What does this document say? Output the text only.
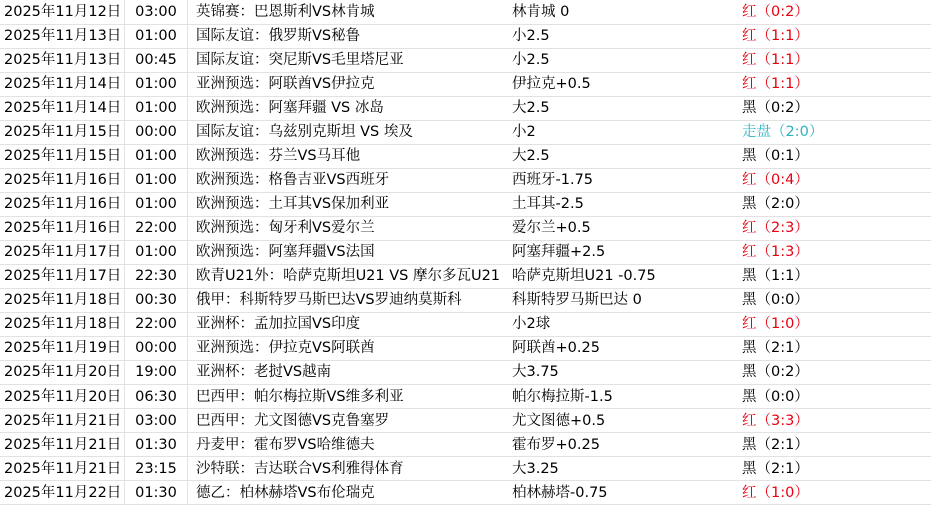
2025年11月12日	03:00	英锦赛：巴恩斯利VS林肯城	林肯城 0	红（0:2）
2025年11月13日	01:00	国际友谊：俄罗斯VS秘鲁	小2.5	红（1:1）
2025年11月13日	00:45	国际友谊：突尼斯VS毛里塔尼亚	小2.5	红（1:1）
2025年11月14日	01:00	亚洲预选：阿联酋VS伊拉克	伊拉克+0.5	红（1:1）
2025年11月14日	01:00	欧洲预选：阿塞拜疆 VS 冰岛	大2.5	黑（0:2）
2025年11月15日	00:00	国际友谊：乌兹别克斯坦 VS 埃及	小2	走盘（2:0）
2025年11月15日	01:00	欧洲预选：芬兰VS马耳他	大2.5	黑（0:1）
2025年11月16日	01:00	欧洲预选：格鲁吉亚VS西班牙	西班牙-1.75	红（0:4）
2025年11月16日	01:00	欧洲预选：土耳其VS保加利亚	土耳其-2.5	黑（2:0）
2025年11月16日	22:00	欧洲预选：匈牙利VS爱尔兰	爱尔兰+0.5	红（2:3）
2025年11月17日	01:00	欧洲预选：阿塞拜疆VS法国	阿塞拜疆+2.5	红（1:3）
2025年11月17日	22:30	欧青U21外：哈萨克斯坦U21 VS 摩尔多瓦U21	哈萨克斯坦U21 -0.75	黑（1:1）
2025年11月18日	00:30	俄甲：科斯特罗马斯巴达VS罗迪纳莫斯科	科斯特罗马斯巴达 0	黑（0:0）
2025年11月18日	22:00	亚洲杯：孟加拉国VS印度	小2球	红（1:0）
2025年11月19日	00:00	亚洲预选：伊拉克VS阿联酋	阿联酋+0.25	黑（2:1）
2025年11月20日	19:00	亚洲杯：老挝VS越南	大3.75	黑（0:2）
2025年11月20日	06:30	巴西甲：帕尔梅拉斯VS维多利亚	帕尔梅拉斯-1.5	黑（0:0）
2025年11月21日	03:00	巴西甲：尤文图德VS克鲁塞罗	尤文图德+0.5	红（3:3）
2025年11月21日	01:30	丹麦甲：霍布罗VS哈维德夫	霍布罗+0.25	黑（2:1）
2025年11月21日	23:15	沙特联：吉达联合VS利雅得体育	大3.25	黑（2:1）
2025年11月22日	01:30	德乙：柏林赫塔VS布伦瑞克	柏林赫塔-0.75	红（1:0）
